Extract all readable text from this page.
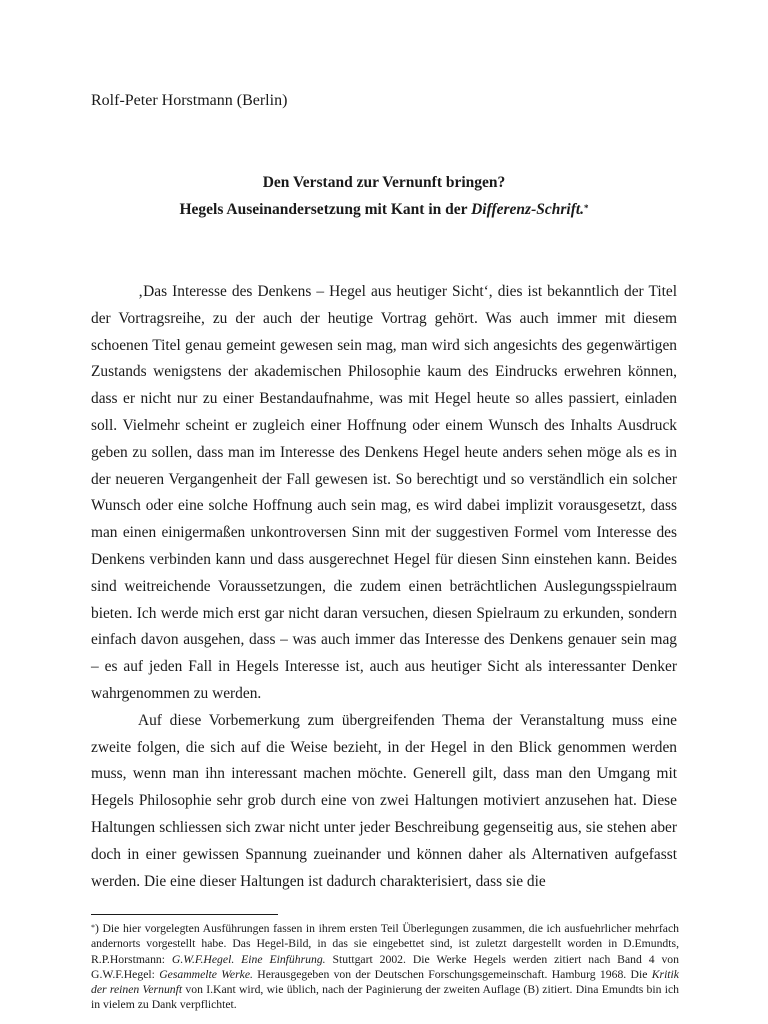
Rolf-Peter Horstmann (Berlin)
Den Verstand zur Vernunft bringen?
Hegels Auseinandersetzung mit Kant in der Differenz-Schrift.*

‚Das Interesse des Denkens – Hegel aus heutiger Sicht‘, dies ist bekanntlich der Titel der Vortragsreihe, zu der auch der heutige Vortrag gehört. Was auch immer mit diesem schoenen Titel genau gemeint gewesen sein mag, man wird sich angesichts des gegenwärtigen Zustands wenigstens der akademischen Philosophie kaum des Eindrucks erwehren können, dass er nicht nur zu einer Bestandaufnahme, was mit Hegel heute so alles passiert, einladen soll. Vielmehr scheint er zugleich einer Hoffnung oder einem Wunsch des Inhalts Ausdruck geben zu sollen, dass man im Interesse des Denkens Hegel heute anders sehen möge als es in der neueren Vergangenheit der Fall gewesen ist. So berechtigt und so verständlich ein solcher Wunsch oder eine solche Hoffnung auch sein mag, es wird dabei implizit vorausgesetzt, dass man einen einigermaßen unkontroversen Sinn mit der suggestiven Formel vom Interesse des Denkens verbinden kann und dass ausgerechnet Hegel für diesen Sinn einstehen kann. Beides sind weitreichende Voraussetzungen, die zudem einen beträchtlichen Auslegungsspielraum bieten. Ich werde mich erst gar nicht daran versuchen, diesen Spielraum zu erkunden, sondern einfach davon ausgehen, dass – was auch immer das Interesse des Denkens genauer sein mag – es auf jeden Fall in Hegels Interesse ist, auch aus heutiger Sicht als interessanter Denker wahrgenommen zu werden.

Auf diese Vorbemerkung zum übergreifenden Thema der Veranstaltung muss eine zweite folgen, die sich auf die Weise bezieht, in der Hegel in den Blick genommen werden muss, wenn man ihn interessant machen möchte. Generell gilt, dass man den Umgang mit Hegels Philosophie sehr grob durch eine von zwei Haltungen motiviert anzusehen hat. Diese Haltungen schliessen sich zwar nicht unter jeder Beschreibung gegenseitig aus, sie stehen aber doch in einer gewissen Spannung zueinander und können daher als Alternativen aufgefasst werden. Die eine dieser Haltungen ist dadurch charakterisiert, dass sie die

*) Die hier vorgelegten Ausführungen fassen in ihrem ersten Teil Überlegungen zusammen, die ich ausfuehrlicher mehrfach andernorts vorgestellt habe. Das Hegel-Bild, in das sie eingebettet sind, ist zuletzt dargestellt worden in D.Emundts, R.P.Horstmann: G.W.F.Hegel. Eine Einführung. Stuttgart 2002. Die Werke Hegels werden zitiert nach Band 4 von G.W.F.Hegel: Gesammelte Werke. Herausgegeben von der Deutschen Forschungsgemeinschaft. Hamburg 1968. Die Kritik der reinen Vernunft von I.Kant wird, wie üblich, nach der Paginierung der zweiten Auflage (B) zitiert. Dina Emundts bin ich in vielem zu Dank verpflichtet.
